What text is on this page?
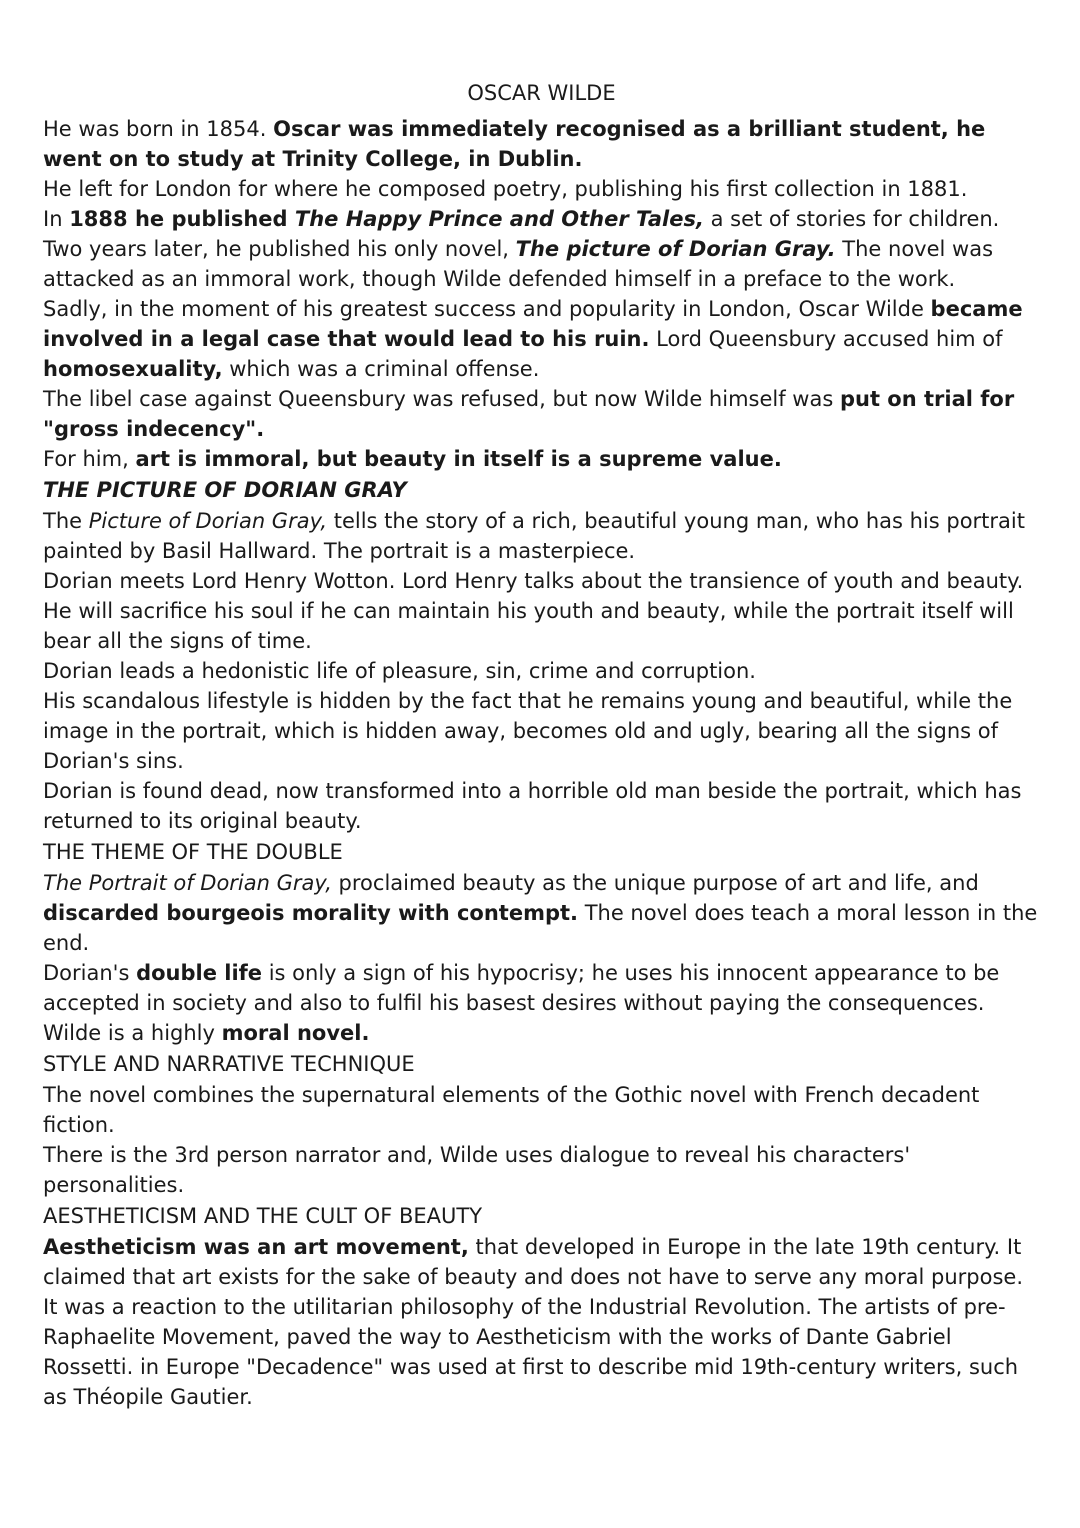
OSCAR WILDE

He was born in 1854. Oscar was immediately recognised as a brilliant student, he went on to study at Trinity College, in Dublin.

He left for London for where he composed poetry, publishing his first collection in 1881.

In 1888 he published The Happy Prince and Other Tales, a set of stories for children. Two years later, he published his only novel, The picture of Dorian Gray. The novel was attacked as an immoral work, though Wilde defended himself in a preface to the work.

Sadly, in the moment of his greatest success and popularity in London, Oscar Wilde became involved in a legal case that would lead to his ruin. Lord Queensbury accused him of homosexuality, which was a criminal offense.

The libel case against Queensbury was refused, but now Wilde himself was put on trial for "gross indecency".

For him, art is immoral, but beauty in itself is a supreme value.

THE PICTURE OF DORIAN GRAY

The Picture of Dorian Gray, tells the story of a rich, beautiful young man, who has his portrait painted by Basil Hallward. The portrait is a masterpiece.

Dorian meets Lord Henry Wotton. Lord Henry talks about the transience of youth and beauty. He will sacrifice his soul if he can maintain his youth and beauty, while the portrait itself will bear all the signs of time.

Dorian leads a hedonistic life of pleasure, sin, crime and corruption.

His scandalous lifestyle is hidden by the fact that he remains young and beautiful, while the image in the portrait, which is hidden away, becomes old and ugly, bearing all the signs of Dorian's sins.

Dorian is found dead, now transformed into a horrible old man beside the portrait, which has returned to its original beauty.

THE THEME OF THE DOUBLE

The Portrait of Dorian Gray, proclaimed beauty as the unique purpose of art and life, and discarded bourgeois morality with contempt. The novel does teach a moral lesson in the end.

Dorian's double life is only a sign of his hypocrisy; he uses his innocent appearance to be accepted in society and also to fulfil his basest desires without paying the consequences.

Wilde is a highly moral novel.

STYLE AND NARRATIVE TECHNIQUE

The novel combines the supernatural elements of the Gothic novel with French decadent fiction.

There is the 3rd person narrator and, Wilde uses dialogue to reveal his characters' personalities.

AESTHETICISM AND THE CULT OF BEAUTY

Aestheticism was an art movement, that developed in Europe in the late 19th century. It claimed that art exists for the sake of beauty and does not have to serve any moral purpose.

It was a reaction to the utilitarian philosophy of the Industrial Revolution. The artists of pre-Raphaelite Movement, paved the way to Aestheticism with the works of Dante Gabriel Rossetti. in Europe "Decadence" was used at first to describe mid 19th-century writers, such as Théopile Gautier.
